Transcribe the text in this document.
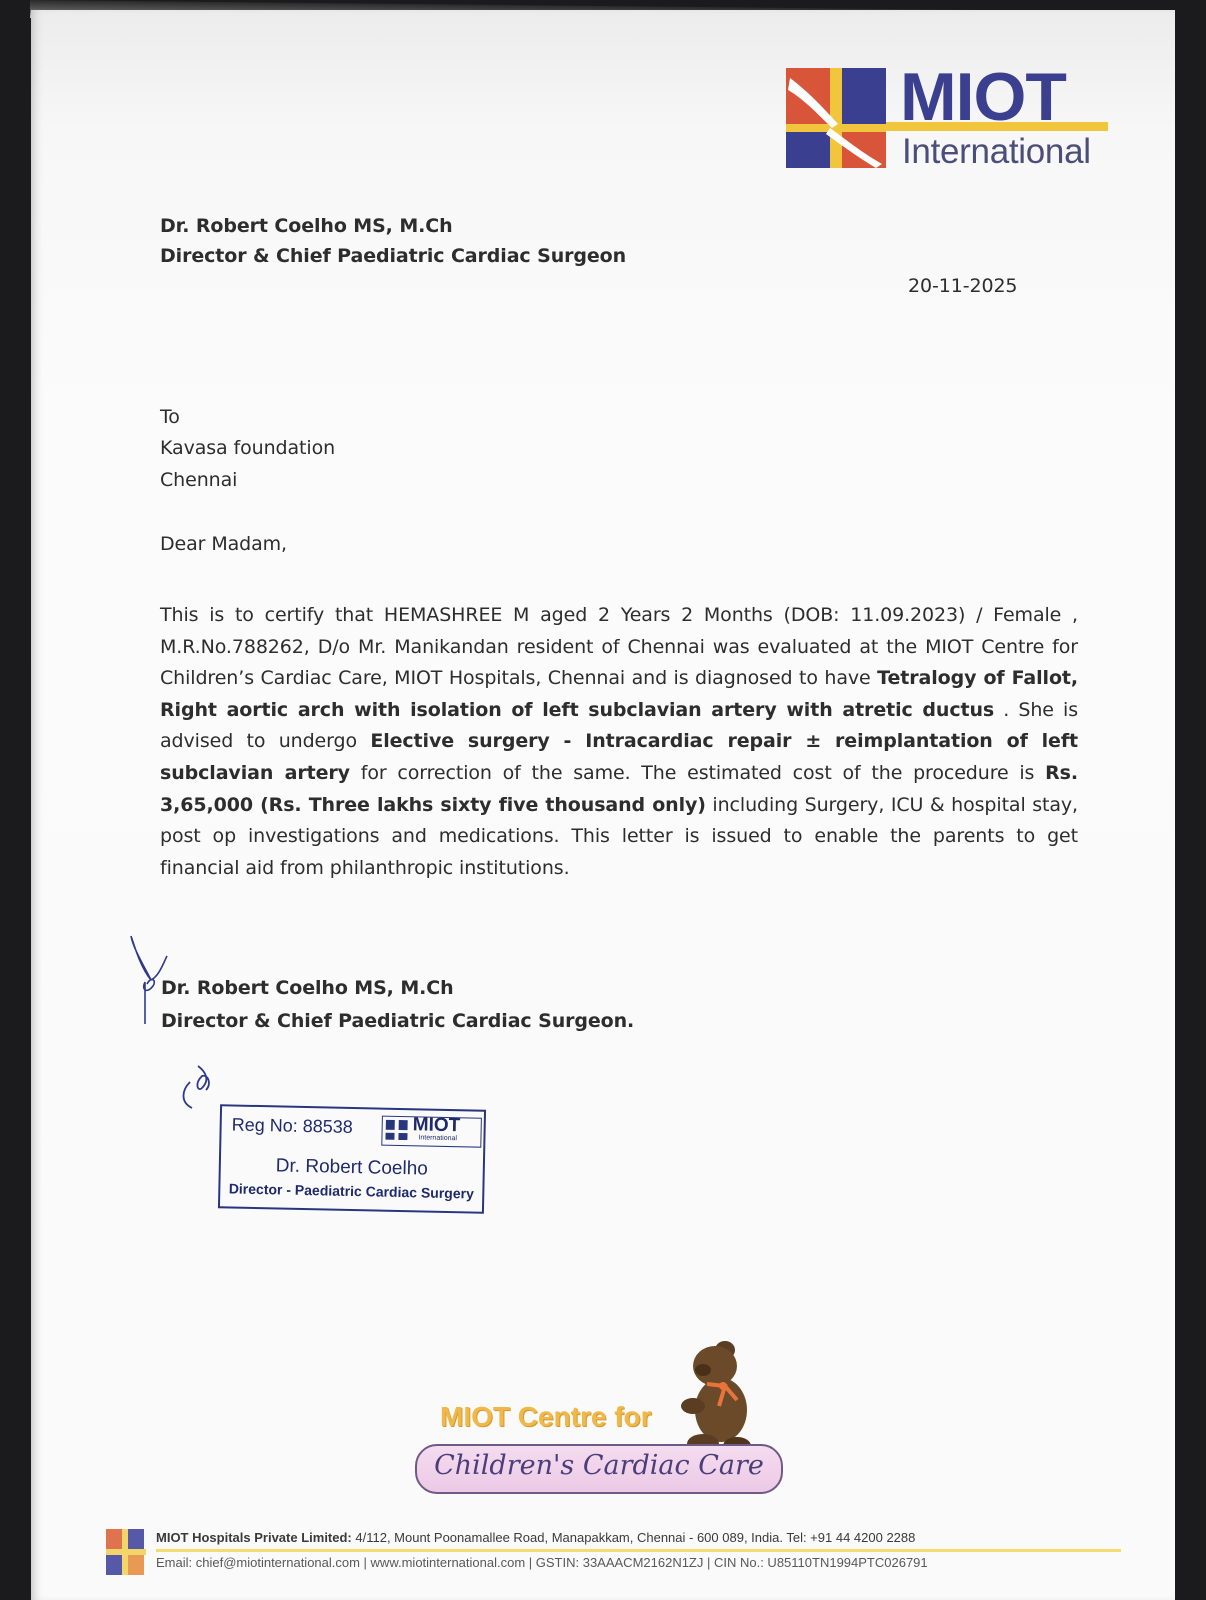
MIOT
International
Dr. Robert Coelho MS, M.Ch
Director & Chief Paediatric Cardiac Surgeon
20-11-2025
To
Kavasa foundation
Chennai
Dear Madam,
This is to certify that HEMASHREE M aged 2 Years 2 Months (DOB: 11.09.2023) / Female , M.R.No.788262, D/o Mr. Manikandan resident of Chennai was evaluated at the MIOT Centre for Children’s Cardiac Care, MIOT Hospitals, Chennai and is diagnosed to have Tetralogy of Fallot, Right aortic arch with isolation of left subclavian artery with atretic ductus . She is advised to undergo Elective surgery - Intracardiac repair ± reimplantation of left subclavian artery for correction of the same. The estimated cost of the procedure is Rs. 3,65,000 (Rs. Three lakhs sixty five thousand only) including Surgery, ICU & hospital stay, post op investigations and medications. This letter is issued to enable the parents to get financial aid from philanthropic institutions.
Dr. Robert Coelho MS, M.Ch
Director & Chief Paediatric Cardiac Surgeon.
Reg No: 88538	MIOT
International
Dr. Robert Coelho
Director - Paediatric Cardiac Surgery
MIOT Centre for
Children's Cardiac Care
MIOT Hospitals Private Limited: 4/112, Mount Poonamallee Road, Manapakkam, Chennai - 600 089, India. Tel: +91 44 4200 2288
Email: chief@miotinternational.com | www.miotinternational.com | GSTIN: 33AAACM2162N1ZJ | CIN No.: U85110TN1994PTC026791
